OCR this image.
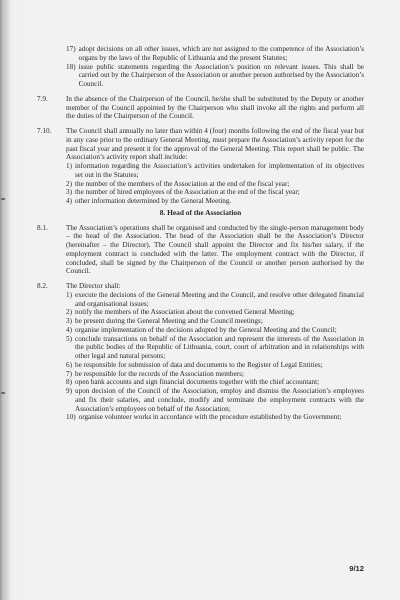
17) adopt decisions on all other issues, which are not assigned to the competence of the Association’s organs by the laws of the Republic of Lithuania and the present Statutes;
18) issue public statements regarding the Association’s position on relevant issues. This shall be carried out by the Chairperson of the Association or another person authorised by the Association’s Council.
7.9.	In the absence of the Chairperson of the Council, he/she shall be substituted by the Deputy or another member of the Council appointed by the Chairperson who shall invoke all the rights and perform all the duties of the Chairperson of the Council.
7.10.	The Council shall annually no later than within 4 (four) months following the end of the fiscal year but in any case prior to the ordinary General Meeting, must prepare the Association’s activity report for the past fiscal year and present it for the approval of the General Meeting. This report shall be public. The Association’s activity report shall include:
1) information regarding the Association’s activities undertaken for implementation of its objectives set out in the Statutes;
2) the number of the members of the Association at the end of the fiscal year;
3) the number of hired employees of the Association at the end of the fiscal year;
4) other information determined by the General Meeting.
8. Head of the Association
8.1.	The Association’s operations shall be organised and conducted by the single-person management body – the head of the Association. The head of the Association shall be the Association’s Director (hereinafter – the Director). The Council shall appoint the Director and fix his/her salary, if the employment contract is concluded with the latter. The employment contract with the Director, if concluded, shall be signed by the Chairperson of the Council or another person authorised by the Council.
8.2.	The Director shall:
1) execute the decisions of the General Meeting and the Council, and resolve other delegated financial and organisational issues;
2) notify the members of the Association about the convened General Meeting;
3) be present during the General Meeting and the Council meetings;
4) organise implementation of the decisions adopted by the General Meeting and the Council;
5) conclude transactions on behalf of the Association and represent the interests of the Association in the public bodies of the Republic of Lithuania, court, court of arbitration and in relationships with other legal and natural persons;
6) be responsible for submission of data and documents to the Register of Legal Entities;
7) be responsible for the records of the Association members;
8) open bank accounts and sign financial documents together with the chief accountant;
9) upon decision of the Council of the Association, employ and dismiss the Association’s employees and fix their salaries, and conclude, modify and terminate the employment contracts with the Association’s employees on behalf of the Association;
10) organise volunteer works in accordance with the procedure established by the Government;
9/12
